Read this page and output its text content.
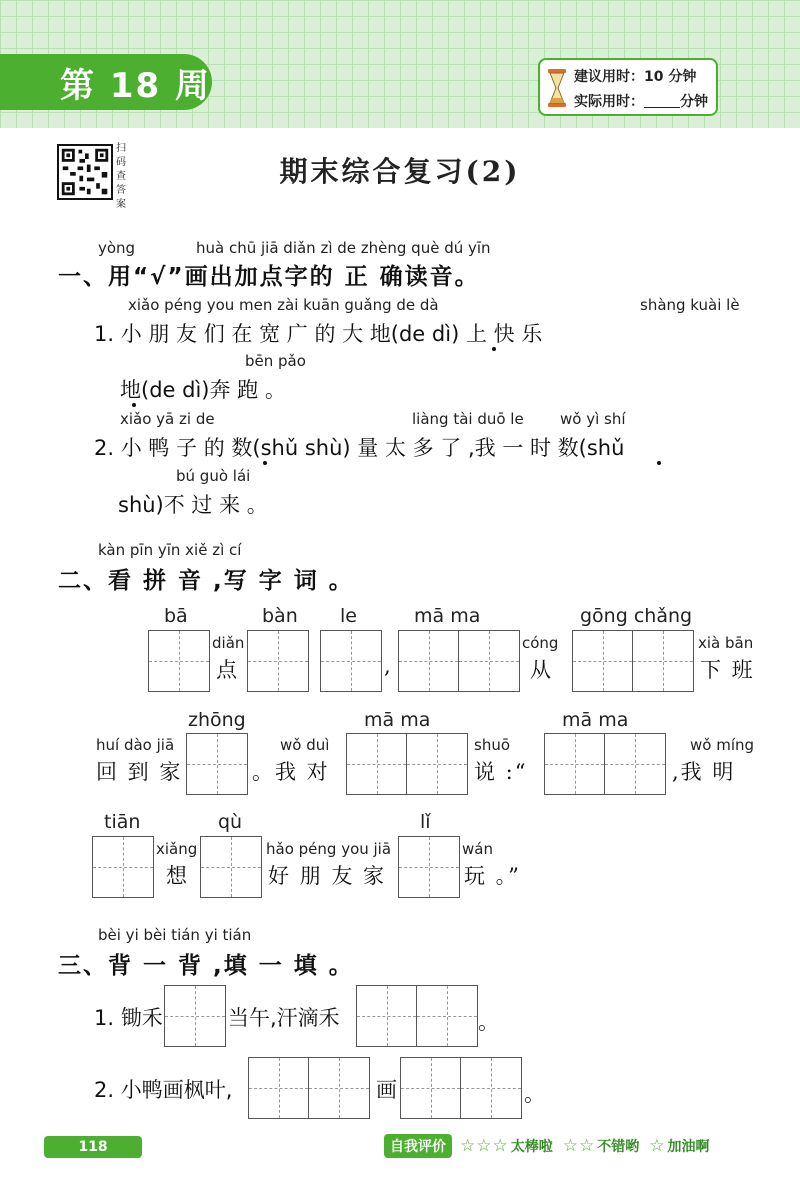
第 18 周	建议用时：10 分钟
实际用时：	分钟
扫码查答案
期末综合复习(2)
yòng	huà chū jiā diǎn zì de zhèng què dú yīn
一、用“√”画出加点字的 正 确读音。
xiǎo péng you men zài kuān guǎng de dà	shàng kuài lè
1. 小 朋 友 们 在 宽 广 的 大 地(de dì) 上 快 乐
bēn pǎo
地(de dì)奔 跑 。
xiǎo yā zi de	liàng tài duō le wǒ yì shí
2. 小 鸭 子 的 数(shǔ shù) 量 太 多 了 ,我 一 时 数(shǔ
bú guò lái
shù)不 过 来 。
kàn pīn yīn xiě zì cí
二、看 拼 音 ,写 字 词 。
bā	bàn le	mā ma	gōng chǎng
diǎn
点	,
cóng
从
xià bān
下 班
zhōng	mā ma	mā ma
huí dào jiā
回 到 家
wǒ duì
。我 对
shuō
说 :“
wǒ míng
,我 明
tiān	qù	lǐ
xiǎng
想
hǎo péng you jiā
好 朋 友 家
wán
玩 。”
bèi yi bèi tián yi tián
三、背 一 背 ,填 一 填 。
1. 锄禾	当午,汗滴禾	。
2. 小鸭画枫叶,	画	。
118	自我评价 ☆ ☆ ☆ 太棒啦 ☆ ☆ 不错哟 ☆ 加油啊
